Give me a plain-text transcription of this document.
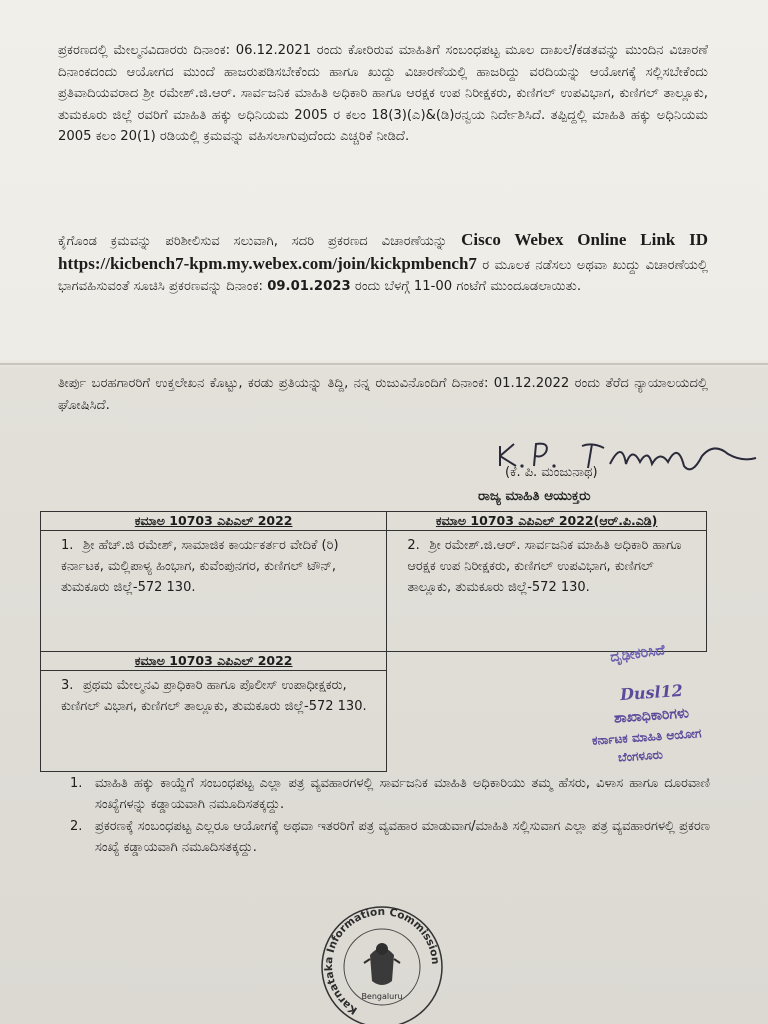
ಪ್ರಕರಣದಲ್ಲಿ ಮೇಲ್ಮನವಿದಾರರು ದಿನಾಂಕ: 06.12.2021 ರಂದು ಕೋರಿರುವ ಮಾಹಿತಿಗೆ ಸಂಬಂಧಪಟ್ಟ ಮೂಲ ದಾಖಲೆ/ಕಡತವನ್ನು ಮುಂದಿನ ವಿಚಾರಣೆ ದಿನಾಂಕದಂದು ಆಯೋಗದ ಮುಂದೆ ಹಾಜರುಪಡಿಸಬೇಕೆಂದು ಹಾಗೂ ಖುದ್ದು ವಿಚಾರಣೆಯಲ್ಲಿ ಹಾಜರಿದ್ದು ವರದಿಯನ್ನು ಆಯೋಗಕ್ಕೆ ಸಲ್ಲಿಸಬೇಕೆಂದು ಪ್ರತಿವಾದಿಯವರಾದ ಶ್ರೀ ರಮೇಶ್.ಜಿ.ಆರ್. ಸಾರ್ವಜನಿಕ ಮಾಹಿತಿ ಅಧಿಕಾರಿ ಹಾಗೂ ಆರಕ್ಷಕ ಉಪ ನಿರೀಕ್ಷಕರು, ಕುಣಿಗಲ್ ಉಪವಿಭಾಗ, ಕುಣಿಗಲ್ ತಾಲ್ಲೂಕು, ತುಮಕೂರು ಜಿಲ್ಲೆ ರವರಿಗೆ ಮಾಹಿತಿ ಹಕ್ಕು ಅಧಿನಿಯಮ 2005 ರ ಕಲಂ 18(3)(ಎ)&(ಡಿ)ರನ್ವಯ ನಿರ್ದೇಶಿಸಿದೆ. ತಪ್ಪಿದ್ದಲ್ಲಿ ಮಾಹಿತಿ ಹಕ್ಕು ಅಧಿನಿಯಮ 2005 ಕಲಂ 20(1) ರಡಿಯಲ್ಲಿ ಕ್ರಮವನ್ನು ವಹಿಸಲಾಗುವುದೆಂದು ಎಚ್ಚರಿಕೆ ನೀಡಿದೆ.

ಕೈಗೊಂಡ ಕ್ರಮವನ್ನು ಪರಿಶೀಲಿಸುವ ಸಲುವಾಗಿ, ಸದರಿ ಪ್ರಕರಣದ ವಿಚಾರಣೆಯನ್ನು Cisco Webex Online Link ID https://kicbench7-kpm.my.webex.com/join/kickpmbench7 ರ ಮೂಲಕ ನಡೆಸಲು ಅಥವಾ ಖುದ್ದು ವಿಚಾರಣೆಯಲ್ಲಿ ಭಾಗವಹಿಸುವಂತೆ ಸೂಚಿಸಿ ಪ್ರಕರಣವನ್ನು ದಿನಾಂಕ: 09.01.2023 ರಂದು ಬೆಳಗ್ಗೆ 11-00 ಗಂಟೆಗೆ ಮುಂದೂಡಲಾಯಿತು.

ತೀರ್ಪು ಬರಹಗಾರರಿಗೆ ಉಕ್ತಲೇಖನ ಕೊಟ್ಟು, ಕರಡು ಪ್ರತಿಯನ್ನು ತಿದ್ದಿ, ನನ್ನ ರುಜುವಿನೊಂದಿಗೆ ದಿನಾಂಕ: 01.12.2022 ರಂದು ತೆರೆದ ನ್ಯಾಯಾಲಯದಲ್ಲಿ ಘೋಷಿಸಿದೆ.

(ಕೆ. ಪಿ. ಮಂಜುನಾಥ)
ರಾಜ್ಯ ಮಾಹಿತಿ ಆಯುಕ್ತರು
ಕಮಾಅ 10703 ಎಪಿಎಲ್ 2022	ಕಮಾಅ 10703 ಎಪಿಎಲ್ 2022(ಆರ್.ಪಿ.ಎಡಿ)
1. ಶ್ರೀ ಹೆಚ್.ಜಿ ರಮೇಶ್, ಸಾಮಾಜಿಕ ಕಾರ್ಯಕರ್ತರ ವೇದಿಕೆ (ರಿ) ಕರ್ನಾಟಕ, ಮಲ್ಲಿಪಾಳ್ಯ ಹಿಂಭಾಗ, ಕುವೆಂಪುನಗರ, ಕುಣಿಗಲ್ ಟೌನ್, ತುಮಕೂರು ಜಿಲ್ಲೆ-572 130.	2. ಶ್ರೀ ರಮೇಶ್.ಜಿ.ಆರ್. ಸಾರ್ವಜನಿಕ ಮಾಹಿತಿ ಅಧಿಕಾರಿ ಹಾಗೂ ಆರಕ್ಷಕ ಉಪ ನಿರೀಕ್ಷಕರು, ಕುಣಿಗಲ್ ಉಪವಿಭಾಗ, ಕುಣಿಗಲ್ ತಾಲ್ಲೂಕು, ತುಮಕೂರು ಜಿಲ್ಲೆ-572 130.
ಕಮಾಅ 10703 ಎಪಿಎಲ್ 2022	
3. ಪ್ರಥಮ ಮೇಲ್ಮನವಿ ಪ್ರಾಧಿಕಾರಿ ಹಾಗೂ ಪೊಲೀಸ್ ಉಪಾಧೀಕ್ಷಕರು, ಕುಣಿಗಲ್ ವಿಭಾಗ, ಕುಣಿಗಲ್ ತಾಲ್ಲೂಕು, ತುಮಕೂರು ಜಿಲ್ಲೆ-572 130.	
ದೃಢೀಕರಿಸಿದೆ
Dusl12
ಶಾಖಾಧಿಕಾರಿಗಳು
ಕರ್ನಾಟಕ ಮಾಹಿತಿ ಆಯೋಗ
ಬೆಂಗಳೂರು
1. ಮಾಹಿತಿ ಹಕ್ಕು ಕಾಯ್ದೆಗೆ ಸಂಬಂಧಪಟ್ಟ ಎಲ್ಲಾ ಪತ್ರ ವ್ಯವಹಾರಗಳಲ್ಲಿ ಸಾರ್ವಜನಿಕ ಮಾಹಿತಿ ಅಧಿಕಾರಿಯು ತಮ್ಮ ಹೆಸರು, ವಿಳಾಸ ಹಾಗೂ ದೂರವಾಣಿ ಸಂಖ್ಯೆಗಳನ್ನು ಕಡ್ಡಾಯವಾಗಿ ನಮೂದಿಸತಕ್ಕದ್ದು.
2. ಪ್ರಕರಣಕ್ಕೆ ಸಂಬಂಧಪಟ್ಟ ಎಲ್ಲರೂ ಆಯೋಗಕ್ಕೆ ಅಥವಾ ಇತರರಿಗೆ ಪತ್ರ ವ್ಯವಹಾರ ಮಾಡುವಾಗ/ಮಾಹಿತಿ ಸಲ್ಲಿಸುವಾಗ ಎಲ್ಲಾ ಪತ್ರ ವ್ಯವಹಾರಗಳಲ್ಲಿ ಪ್ರಕರಣ ಸಂಖ್ಯೆ ಕಡ್ಡಾಯವಾಗಿ ನಮೂದಿಸತಕ್ಕದ್ದು.
Karnataka Information Commission
Bengaluru
